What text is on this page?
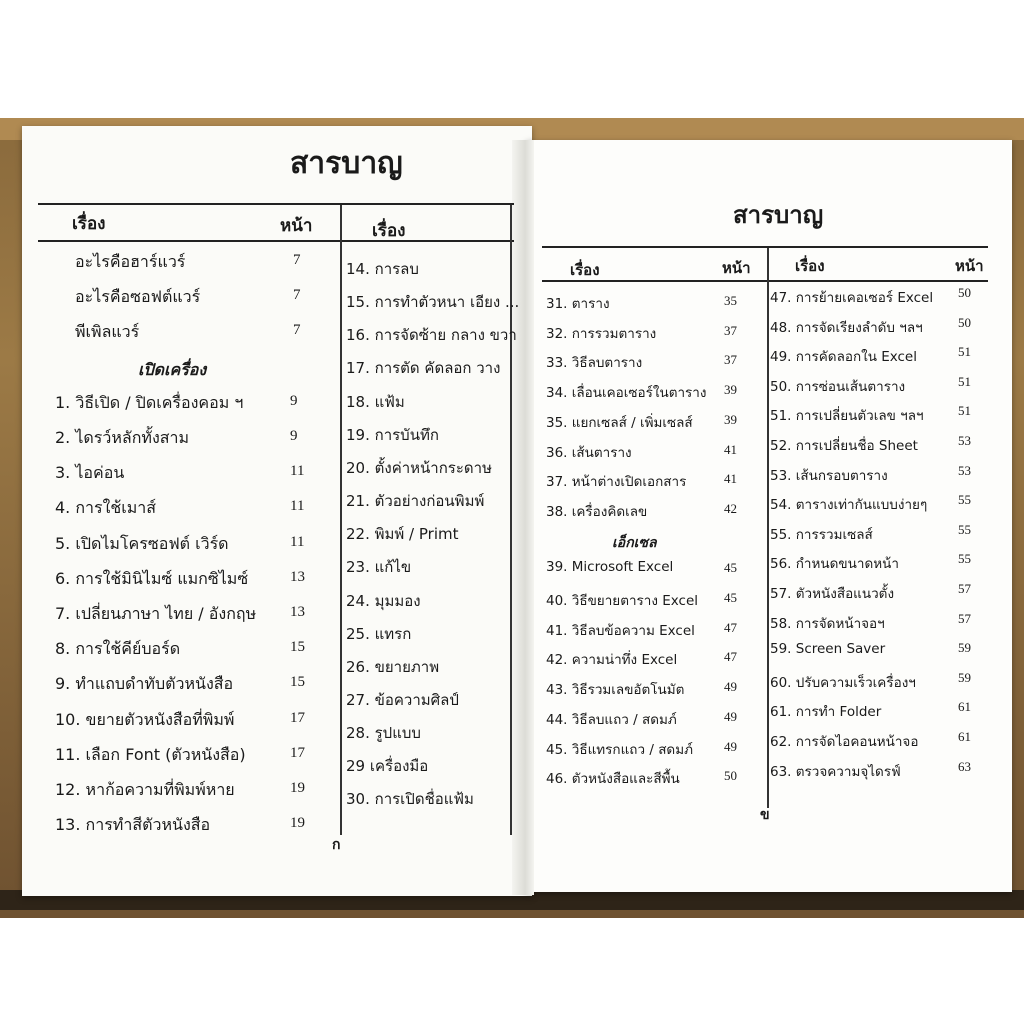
สารบาญ
เรื่อง	หน้า	เรื่อง
อะไรคือฮาร์แวร์	7
อะไรคือซอฟต์แวร์	7
พีเพิลแวร์	7
เปิดเครื่อง
1. วิธีเปิด / ปิดเครื่องคอม ฯ	9
2. ไดรว์หลักทั้งสาม	9
3. ไอค่อน	11
4. การใช้เมาส์	11
5. เปิดไมโครซอฟต์ เวิร์ด	11
6. การใช้มินิไมซ์ แมกซิไมซ์	13
7. เปลี่ยนภาษา ไทย / อังกฤษ 13
8. การใช้คีย์บอร์ด	15
9. ทำแถบดำทับตัวหนังสือ	15
10. ขยายตัวหนังสือที่พิมพ์	17
11. เลือก Font (ตัวหนังสือ)	17
12. หาก้อความที่พิมพ์หาย	19
13. การทำสีตัวหนังสือ	19
14. การลบ
15. การทำตัวหนา เอียง ...
16. การจัดซ้าย กลาง ขวา
17. การตัด คัดลอก วาง
18. แฟ้ม
19. การบันทึก
20. ตั้งค่าหน้ากระดาษ
21. ตัวอย่างก่อนพิมพ์
22. พิมพ์ / Primt
23. แก้ไข
24. มุมมอง
25. แทรก
26. ขยายภาพ
27. ข้อความศิลป์
28. รูปแบบ
29 เครื่องมือ
30. การเปิดชื่อแฟ้ม
ก
สารบาญ
เรื่อง	หน้า	เรื่อง	หน้า
31. ตาราง	35
32. การรวมตาราง	37
33. วิธีลบตาราง	37
34. เลื่อนเคอเซอร์ในตาราง 39
35. แยกเซลส์ / เพิ่มเซลส์ 39
36. เส้นตาราง	41
37. หน้าต่างเปิดเอกสาร	41
38. เครื่องคิดเลข	42
เอ็กเซล
39. Microsoft Excel	45
40. วิธีขยายตาราง Excel 45
41. วิธีลบข้อความ Excel 47
42. ความน่าทึ่ง Excel	47
43. วิธีรวมเลขอัตโนมัต	49
44. วิธีลบแถว / สดมภ์	49
45. วิธีแทรกแถว / สดมภ์ 49
46. ตัวหนังสือและสีพื้น	50
47. การย้ายเคอเซอร์ Excel 50
48. การจัดเรียงลำดับ ฯลฯ	50
49. การคัดลอกใน Excel	51
50. การซ่อนเส้นตาราง	51
51. การเปลี่ยนตัวเลข ฯลฯ	51
52. การเปลี่ยนชื่อ Sheet	53
53. เส้นกรอบตาราง	53
54. ตารางเท่ากันแบบง่ายๆ 55
55. การรวมเซลส์	55
56. กำหนดขนาดหน้า	55
57. ตัวหนังสือแนวตั้ง	57
58. การจัดหน้าจอฯ	57
59. Screen Saver	59
60. ปรับความเร็วเครื่องฯ	59
61. การทำ Folder	61
62. การจัดไอคอนหน้าจอ	61
63. ตรวจความจุไดรฟ์	63
ข
